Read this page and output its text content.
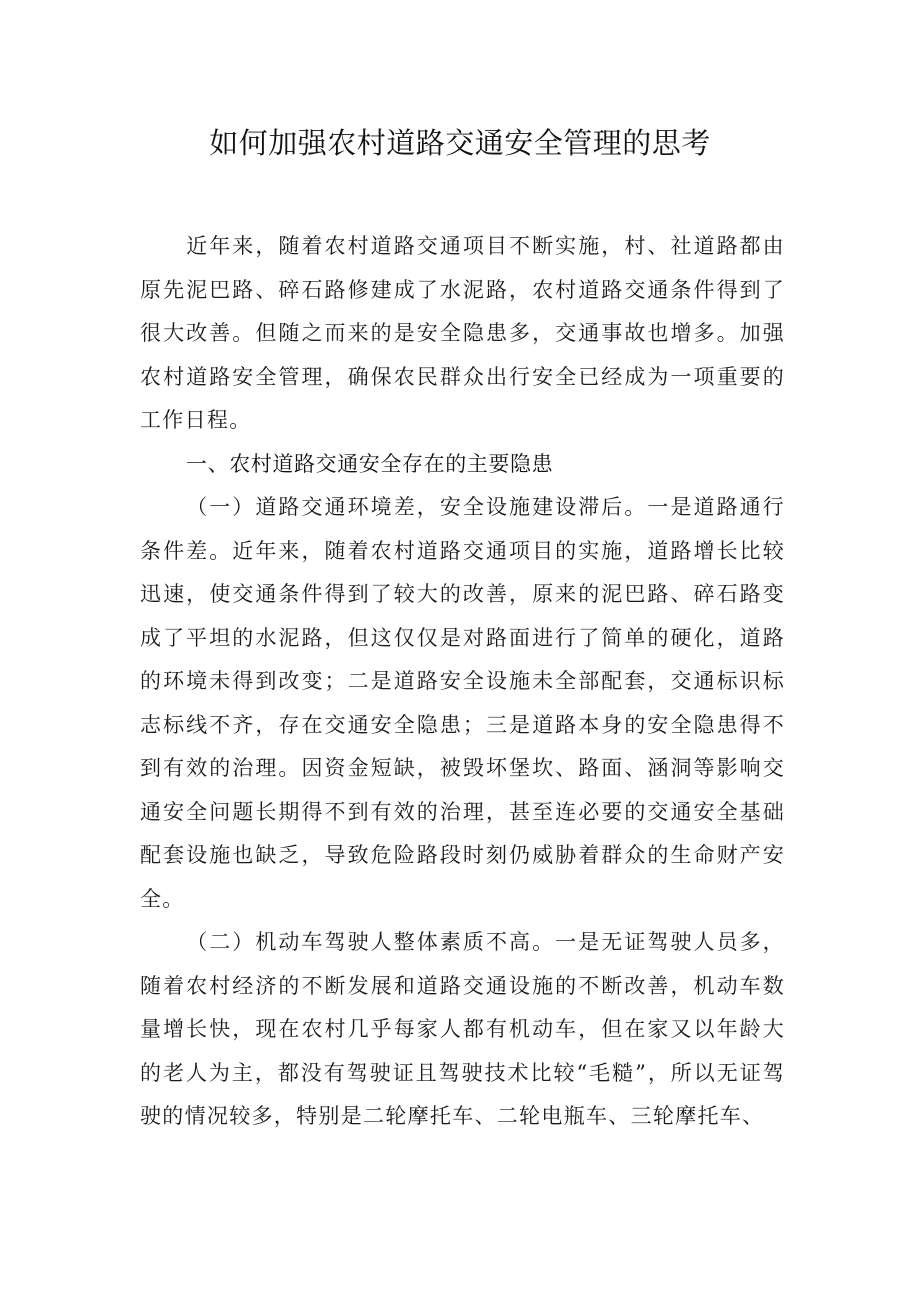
如何加强农村道路交通安全管理的思考

近年来，随着农村道路交通项目不断实施，村、社道路都由原先泥巴路、碎石路修建成了水泥路，农村道路交通条件得到了很大改善。但随之而来的是安全隐患多，交通事故也增多。加强农村道路安全管理，确保农民群众出行安全已经成为一项重要的工作日程。

一、农村道路交通安全存在的主要隐患

（一）道路交通环境差，安全设施建设滞后。一是道路通行条件差。近年来，随着农村道路交通项目的实施，道路增长比较迅速，使交通条件得到了较大的改善，原来的泥巴路、碎石路变成了平坦的水泥路，但这仅仅是对路面进行了简单的硬化，道路的环境未得到改变；二是道路安全设施未全部配套，交通标识标志标线不齐，存在交通安全隐患；三是道路本身的安全隐患得不到有效的治理。因资金短缺，被毁坏堡坎、路面、涵洞等影响交通安全问题长期得不到有效的治理，甚至连必要的交通安全基础配套设施也缺乏，导致危险路段时刻仍威胁着群众的生命财产安全。

（二）机动车驾驶人整体素质不高。一是无证驾驶人员多，随着农村经济的不断发展和道路交通设施的不断改善，机动车数量增长快，现在农村几乎每家人都有机动车，但在家又以年龄大的老人为主，都没有驾驶证且驾驶技术比较“毛糙”，所以无证驾驶的情况较多，特别是二轮摩托车、二轮电瓶车、三轮摩托车、
